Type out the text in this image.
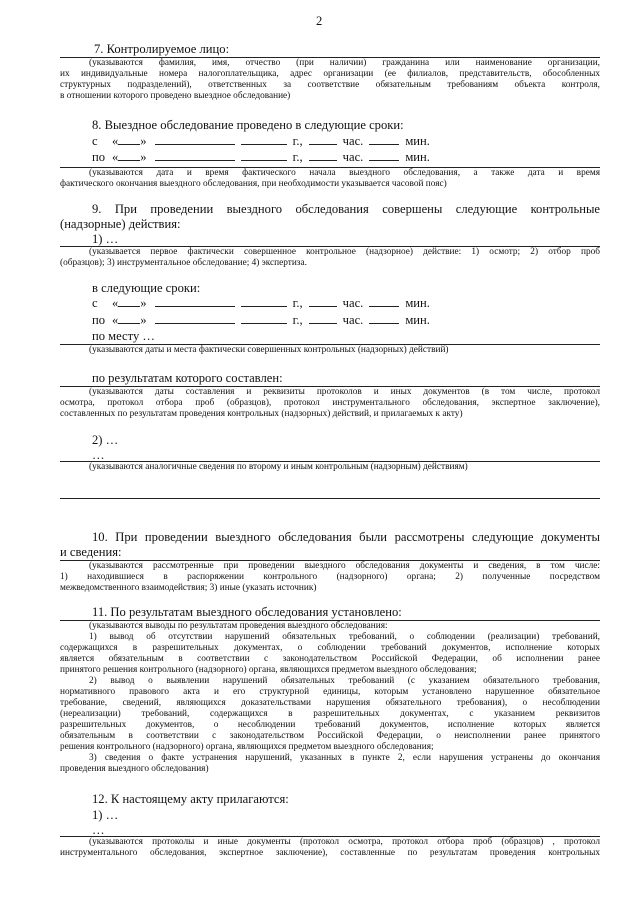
2
7. Контролируемое лицо:
(указываются фамилия, имя, отчество (при наличии) гражданина или наименование организации,
их индивидуальные номера налогоплательщика, адрес организации (ее филиалов, представительств, обособленных
структурных подразделений), ответственных за соответствие обязательным требованиям объекта контроля,
в отношении которого проведено выездное обследование)
8. Выездное обследование проведено в следующие сроки:
с « »	г.,	час.	мин.
по « »	г.,	час.	мин.
(указываются дата и время фактического начала выездного обследования, а также дата и время
фактического окончания выездного обследования, при необходимости указывается часовой пояс)
9. При проведении выездного обследования совершены следующие контрольные
(надзорные) действия:
1) …
(указывается первое фактически совершенное контрольное (надзорное) действие: 1) осмотр; 2) отбор проб
(образцов); 3) инструментальное обследование; 4) экспертиза.
в следующие сроки:
с « »	г.,	час.	мин.
по « »	г.,	час.	мин.
по месту …
(указываются даты и места фактически совершенных контрольных (надзорных) действий)
по результатам которого составлен:
(указываются даты составления и реквизиты протоколов и иных документов (в том числе, протокол
осмотра, протокол отбора проб (образцов), протокол инструментального обследования, экспертное заключение),
составленных по результатам проведения контрольных (надзорных) действий, и прилагаемых к акту)
2) …
…
(указываются аналогичные сведения по второму и иным контрольным (надзорным) действиям)
10. При проведении выездного обследования были рассмотрены следующие документы
и сведения:
(указываются рассмотренные при проведении выездного обследования документы и сведения, в том числе:
1) находившиеся в распоряжении контрольного (надзорного) органа; 2) полученные посредством
межведомственного взаимодействия; 3) иные (указать источник)
11. По результатам выездного обследования установлено:
(указываются выводы по результатам проведения выездного обследования:
1) вывод об отсутствии нарушений обязательных требований, о соблюдении (реализации) требований,
содержащихся в разрешительных документах, о соблюдении требований документов, исполнение которых
является обязательным в соответствии с законодательством Российской Федерации, об исполнении ранее
принятого решения контрольного (надзорного) органа, являющихся предметом выездного обследования;
2) вывод о выявлении нарушений обязательных требований (с указанием обязательного требования,
нормативного правового акта и его структурной единицы, которым установлено нарушенное обязательное
требование, сведений, являющихся доказательствами нарушения обязательного требования), о несоблюдении
(нереализации) требований, содержащихся в разрешительных документах, с указанием реквизитов
разрешительных документов, о несоблюдении требований документов, исполнение которых является
обязательным в соответствии с законодательством Российской Федерации, о неисполнении ранее принятого
решения контрольного (надзорного) органа, являющихся предметом выездного обследования;
3) сведения о факте устранения нарушений, указанных в пункте 2, если нарушения устранены до окончания
проведения выездного обследования)
12. К настоящему акту прилагаются:
1) …
…
(указываются протоколы и иные документы (протокол осмотра, протокол отбора проб (образцов) , протокол
инструментального обследования, экспертное заключение), составленные по результатам проведения контрольных
